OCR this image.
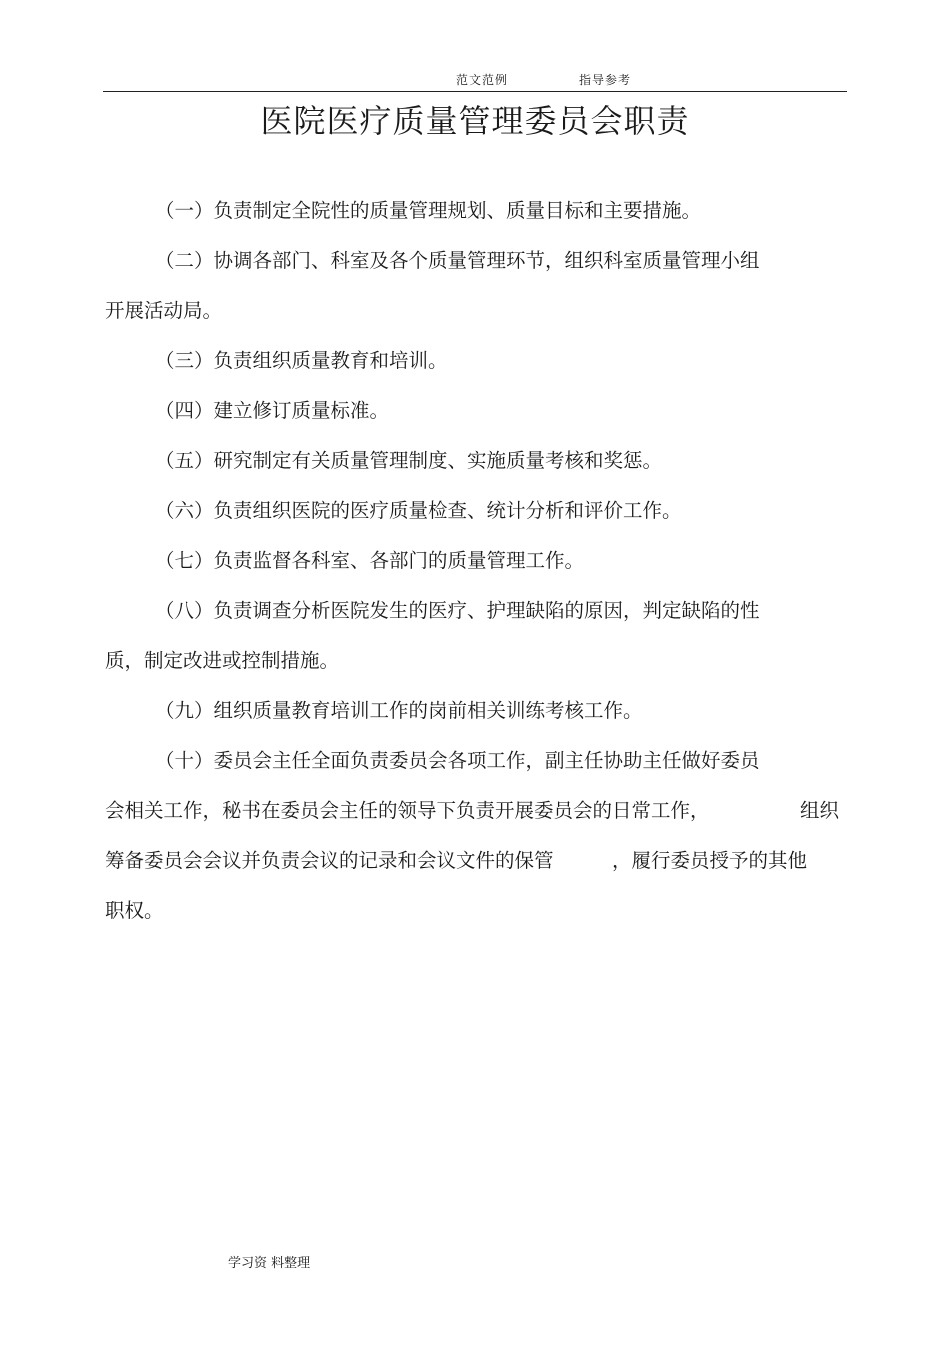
范文范例	指导参考
医院医疗质量管理委员会职责
（一）负责制定全院性的质量管理规划、质量目标和主要措施。
（二）协调各部门、科室及各个质量管理环节，组织科室质量管理小组
开展活动局。
（三）负责组织质量教育和培训。
（四）建立修订质量标准。
（五）研究制定有关质量管理制度、实施质量考核和奖惩。
（六）负责组织医院的医疗质量检查、统计分析和评价工作。
（七）负责监督各科室、各部门的质量管理工作。
（八）负责调查分析医院发生的医疗、护理缺陷的原因，判定缺陷的性
质，制定改进或控制措施。
（九）组织质量教育培训工作的岗前相关训练考核工作。
（十）委员会主任全面负责委员会各项工作，副主任协助主任做好委员
会相关工作，秘书在委员会主任的领导下负责开展委员会的日常工作，	组织
筹备委员会会议并负责会议的记录和会议文件的保管	，履行委员授予的其他
职权。
学习资 料整理
